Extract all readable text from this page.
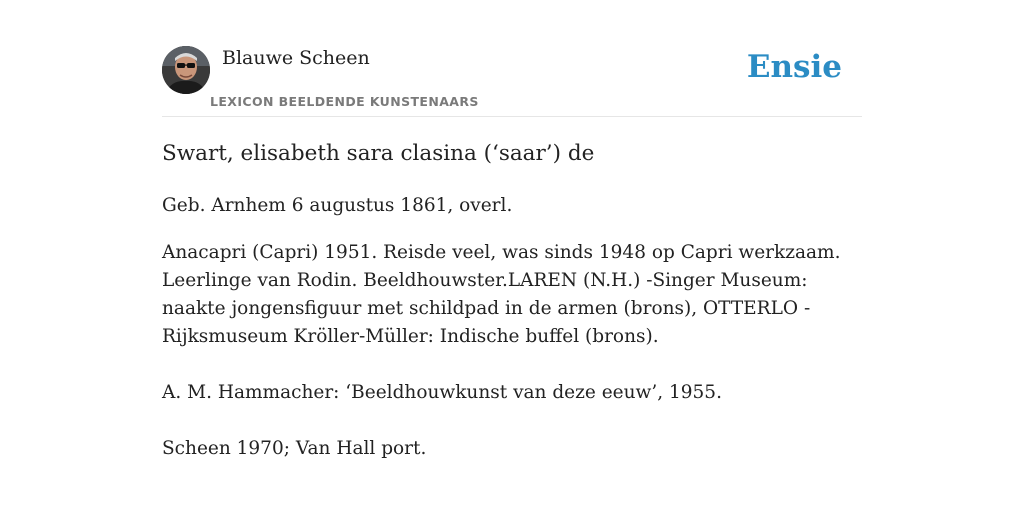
Blauwe Scheen
LEXICON BEELDENDE KUNSTENAARS
Ensie
Swart, elisabeth sara clasina (‘saar’) de

Geb. Arnhem 6 augustus 1861, overl.

Anacapri (Capri) 1951. Reisde veel, was sinds 1948 op Capri werkzaam. Leerlinge van Rodin. Beeldhouwster.LAREN (N.H.) -Singer Museum: naakte jongensfiguur met schildpad in de armen (brons), OTTERLO -Rijksmuseum Kröller-Müller: Indische buffel (brons).

A. M. Hammacher: ‘Beeldhouwkunst van deze eeuw’, 1955.

Scheen 1970; Van Hall port.
